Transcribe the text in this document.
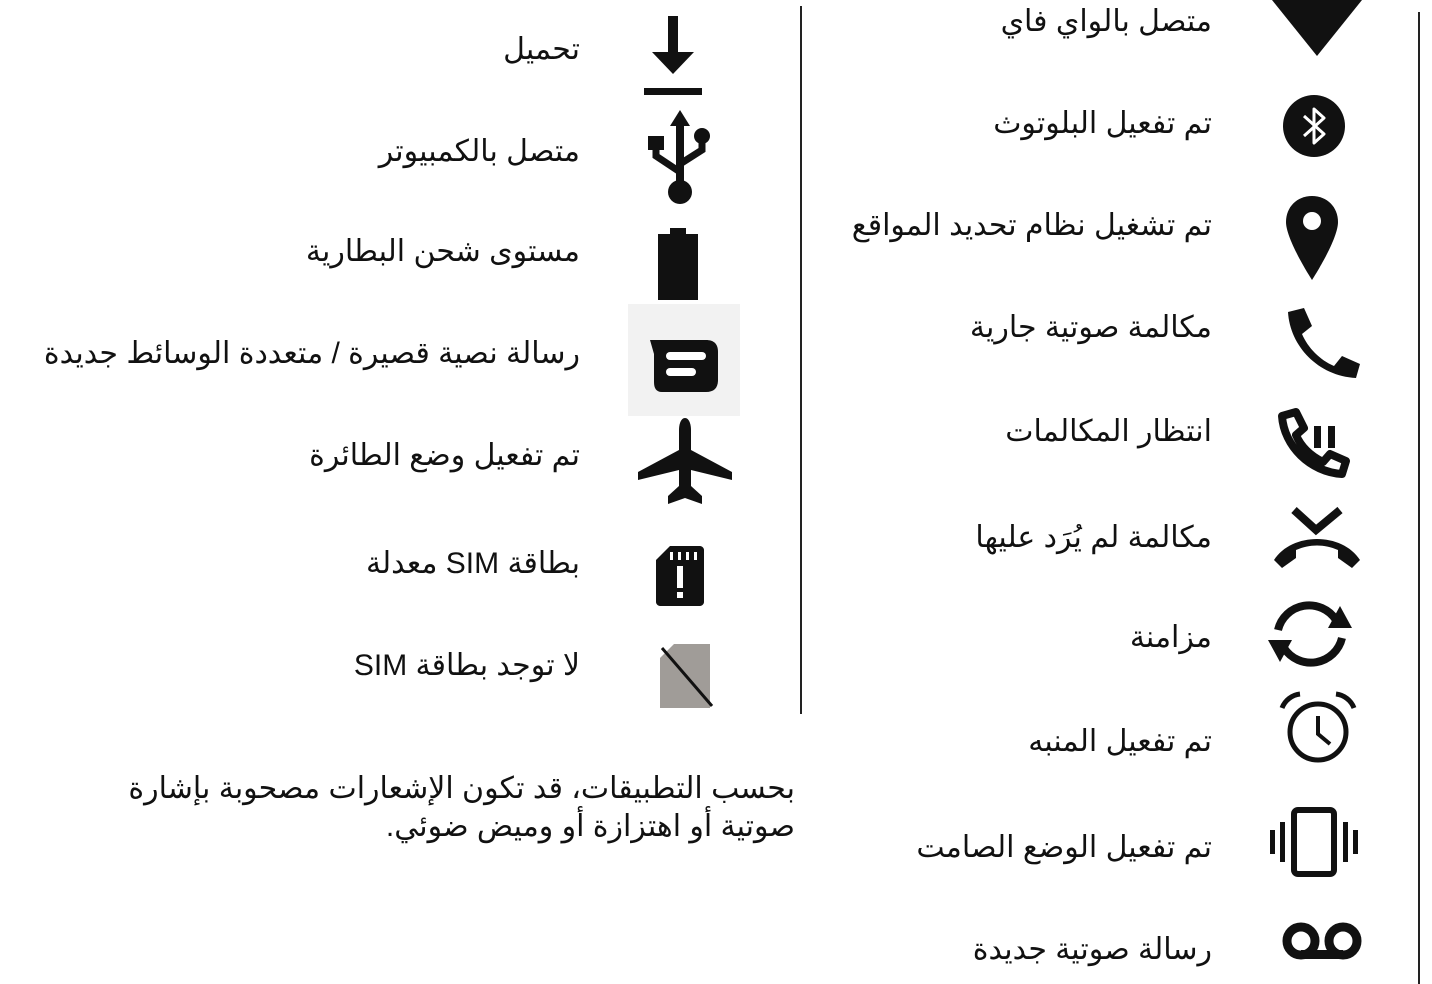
متصل بالواي فاي
تم تفعيل البلوتوث
تم تشغيل نظام تحديد المواقع
مكالمة صوتية جارية
انتظار المكالمات
مكالمة لم يُرَد عليها
مزامنة
تم تفعيل المنبه
تم تفعيل الوضع الصامت
رسالة صوتية جديدة
تحميل
متصل بالكمبيوتر
مستوى شحن البطارية
رسالة نصية قصيرة / متعددة الوسائط جديدة
تم تفعيل وضع الطائرة
بطاقة SIM معدلة
لا توجد بطاقة SIM
بحسب التطبيقات، قد تكون الإشعارات مصحوبة بإشارة
صوتية أو اهتزازة أو وميض ضوئي.
